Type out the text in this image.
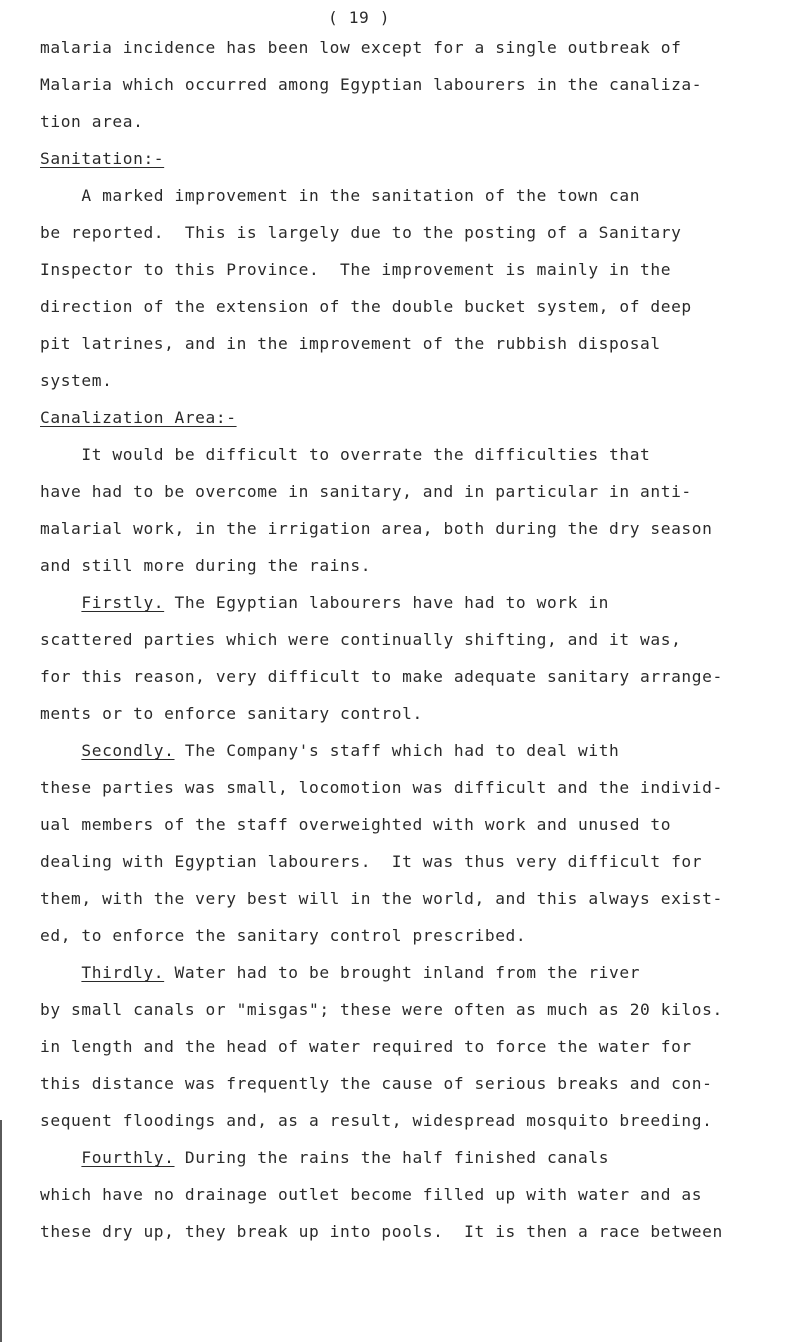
( 19 )
malaria incidence has been low except for a single outbreak of
Malaria which occurred among Egyptian labourers in the canaliza-
tion area.
Sanitation:-
A marked improvement in the sanitation of the town can
be reported.  This is largely due to the posting of a Sanitary
Inspector to this Province.  The improvement is mainly in the
direction of the extension of the double bucket system, of deep
pit latrines, and in the improvement of the rubbish disposal
system.
Canalization Area:-
It would be difficult to overrate the difficulties that
have had to be overcome in sanitary, and in particular in anti-
malarial work, in the irrigation area, both during the dry season
and still more during the rains.
Firstly. The Egyptian labourers have had to work in
scattered parties which were continually shifting, and it was,
for this reason, very difficult to make adequate sanitary arrange-
ments or to enforce sanitary control.
Secondly. The Company's staff which had to deal with
these parties was small, locomotion was difficult and the individ-
ual members of the staff overweighted with work and unused to
dealing with Egyptian labourers.  It was thus very difficult for
them, with the very best will in the world, and this always exist-
ed, to enforce the sanitary control prescribed.
Thirdly. Water had to be brought inland from the river
by small canals or "misgas"; these were often as much as 20 kilos.
in length and the head of water required to force the water for
this distance was frequently the cause of serious breaks and con-
sequent floodings and, as a result, widespread mosquito breeding.
Fourthly. During the rains the half finished canals
which have no drainage outlet become filled up with water and as
these dry up, they break up into pools.  It is then a race between
